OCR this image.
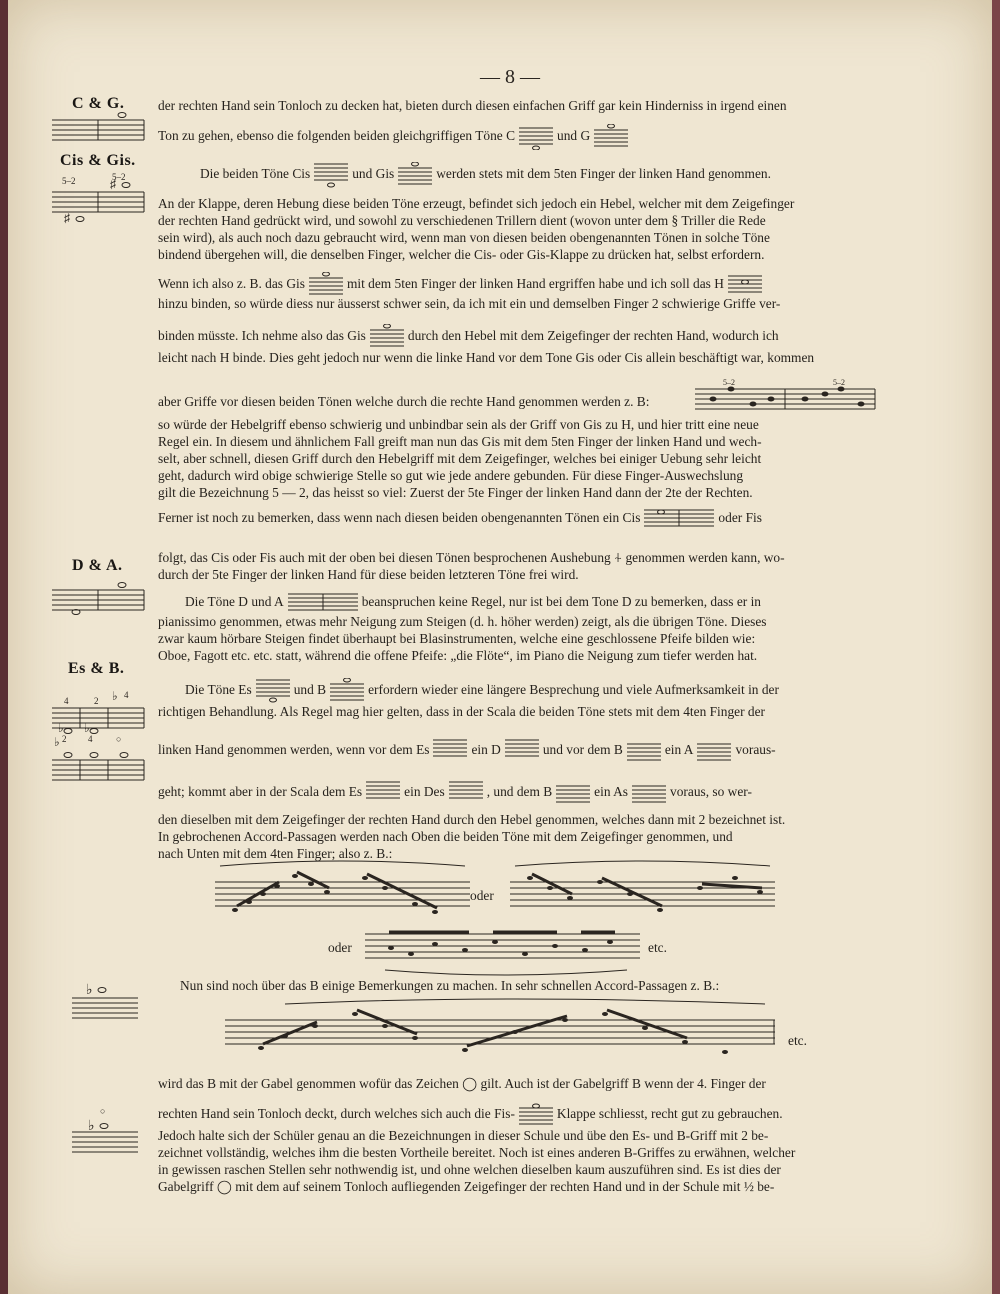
— 8 —
C & G.
Cis & Gis.
D & A.
Es & B.
5–2	5–2
♯
♯
4	2 ♭ 4
♭ ♭
♭ 2 4	○
♭
♭
○
der rechten Hand sein Tonloch zu decken hat, bieten durch diesen einfachen Griff gar kein Hinderniss in irgend einen
Ton zu gehen, ebenso die folgenden beiden gleichgriffigen Töne C	und G
Die beiden Töne Cis	und Gis	werden stets mit dem 5ten Finger der linken Hand genommen.
An der Klappe, deren Hebung diese beiden Töne erzeugt, befindet sich jedoch ein Hebel, welcher mit dem Zeigefinger
der rechten Hand gedrückt wird, und sowohl zu verschiedenen Trillern dient (wovon unter dem § Triller die Rede
sein wird), als auch noch dazu gebraucht wird, wenn man von diesen beiden obengenannten Tönen in solche Töne
bindend übergehen will, die denselben Finger, welcher die Cis- oder Gis-Klappe zu drücken hat, selbst erfordern.
Wenn ich also z. B. das Gis	mit dem 5ten Finger der linken Hand ergriffen habe und ich soll das H
hinzu binden, so würde diess nur äusserst schwer sein, da ich mit ein und demselben Finger 2 schwierige Griffe ver-
binden müsste. Ich nehme also das Gis	durch den Hebel mit dem Zeigefinger der rechten Hand, wodurch ich
leicht nach H binde. Dies geht jedoch nur wenn die linke Hand vor dem Tone Gis oder Cis allein beschäftigt war, kommen
aber Griffe vor diesen beiden Tönen welche durch die rechte Hand genommen werden z. B:
5–2	5–2
so würde der Hebelgriff ebenso schwierig und unbindbar sein als der Griff von Gis zu H, und hier tritt eine neue
Regel ein. In diesem und ähnlichem Fall greift man nun das Gis mit dem 5ten Finger der linken Hand und wech-
selt, aber schnell, diesen Griff durch den Hebelgriff mit dem Zeigefinger, welches bei einiger Uebung sehr leicht
geht, dadurch wird obige schwierige Stelle so gut wie jede andere gebunden. Für diese Finger-Auswechslung
gilt die Bezeichnung 5 — 2, das heisst so viel: Zuerst der 5te Finger der linken Hand dann der 2te der Rechten.
Ferner ist noch zu bemerken, dass wenn nach diesen beiden obengenannten Tönen ein Cis	oder Fis
folgt, das Cis oder Fis auch mit der oben bei diesen Tönen besprochenen Aushebung ⍭ genommen werden kann, wo-
durch der 5te Finger der linken Hand für diese beiden letzteren Töne frei wird.
Die Töne D und A	beanspruchen keine Regel, nur ist bei dem Tone D zu bemerken, dass er in
pianissimo genommen, etwas mehr Neigung zum Steigen (d. h. höher werden) zeigt, als die übrigen Töne. Dieses
zwar kaum hörbare Steigen findet überhaupt bei Blasinstrumenten, welche eine geschlossene Pfeife bilden wie:
Oboe, Fagott etc. etc. statt, während die offene Pfeife: „die Flöte“, im Piano die Neigung zum tiefer werden hat.
Die Töne Es	und B	erfordern wieder eine längere Besprechung und viele Aufmerksamkeit in der
richtigen Behandlung. Als Regel mag hier gelten, dass in der Scala die beiden Töne stets mit dem 4ten Finger der
linken Hand genommen werden, wenn vor dem Es	ein D	und vor dem B	ein A	voraus-
geht; kommt aber in der Scala dem Es	ein Des	, und dem B	ein As	voraus, so wer-
den dieselben mit dem Zeigefinger der rechten Hand durch den Hebel genommen, welches dann mit 2 bezeichnet ist.
In gebrochenen Accord-Passagen werden nach Oben die beiden Töne mit dem Zeigefinger genommen, und
nach Unten mit dem 4ten Finger; also z. B.:
oder
oder	etc.
Nun sind noch über das B einige Bemerkungen zu machen. In sehr schnellen Accord-Passagen z. B.:
etc.
wird das B mit der Gabel genommen wofür das Zeichen ◯ gilt. Auch ist der Gabelgriff B wenn der 4. Finger der
rechten Hand sein Tonloch deckt, durch welches sich auch die Fis-	Klappe schliesst, recht gut zu gebrauchen.
Jedoch halte sich der Schüler genau an die Bezeichnungen in dieser Schule und übe den Es- und B-Griff mit 2 be-
zeichnet vollständig, welches ihm die besten Vortheile bereitet. Noch ist eines anderen B-Griffes zu erwähnen, welcher
in gewissen raschen Stellen sehr nothwendig ist, und ohne welchen dieselben kaum auszuführen sind. Es ist dies der
Gabelgriff ◯ mit dem auf seinem Tonloch aufliegenden Zeigefinger der rechten Hand und in der Schule mit ½ be-
